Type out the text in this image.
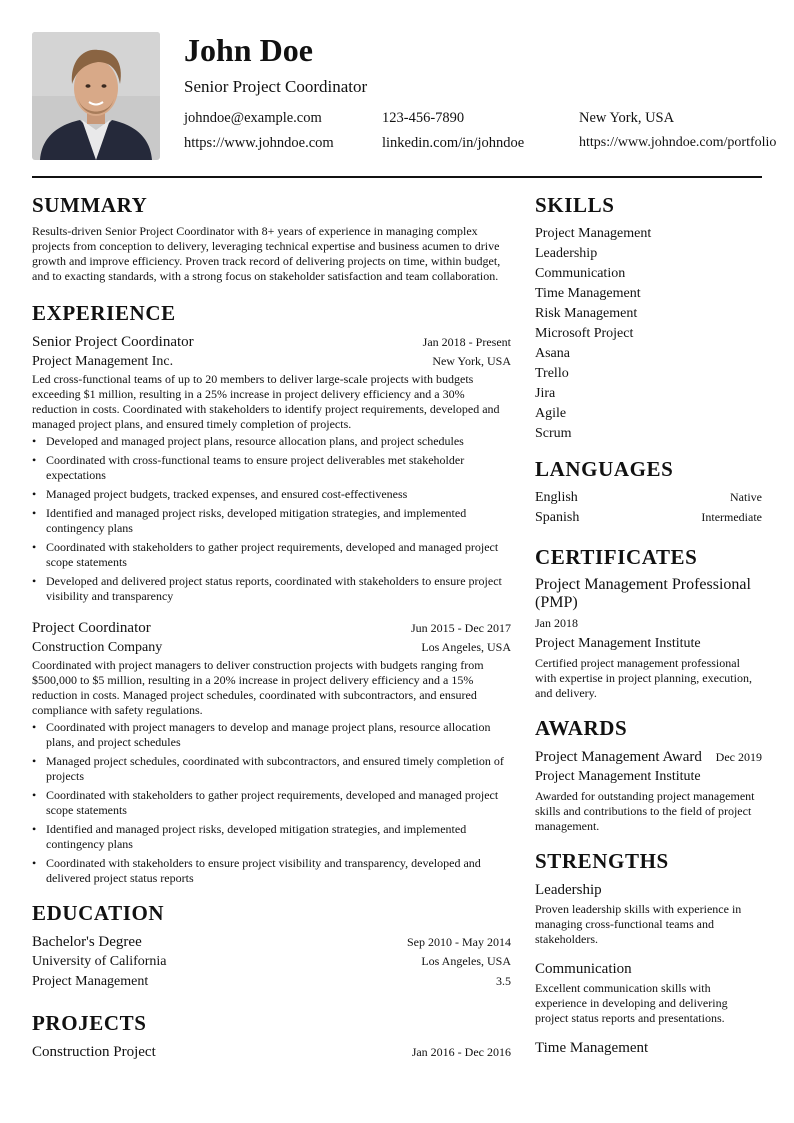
John Doe
Senior Project Coordinator
johndoe@example.com	123-456-7890	New York, USA
https://www.johndoe.com	linkedin.com/in/johndoe	https://www.johndoe.com/portfolio
SUMMARY

Results-driven Senior Project Coordinator with 8+ years of experience in managing complex projects from conception to delivery, leveraging technical expertise and business acumen to drive growth and improve efficiency. Proven track record of delivering projects on time, within budget, and to exacting standards, with a strong focus on stakeholder satisfaction and team collaboration.

EXPERIENCE
Senior Project Coordinator	Jan 2018 - Present
Project Management Inc.	New York, USA

Led cross-functional teams of up to 20 members to deliver large-scale projects with budgets exceeding $1 million, resulting in a 25% increase in project delivery efficiency and a 30% reduction in costs. Coordinated with stakeholders to identify project requirements, developed and managed project plans, and ensured timely completion of projects.

• Developed and managed project plans, resource allocation plans, and project schedules
• Coordinated with cross-functional teams to ensure project deliverables met stakeholder expectations
• Managed project budgets, tracked expenses, and ensured cost-effectiveness
• Identified and managed project risks, developed mitigation strategies, and implemented contingency plans
• Coordinated with stakeholders to gather project requirements, developed and managed project scope statements
• Developed and delivered project status reports, coordinated with stakeholders to ensure project visibility and transparency
Project Coordinator	Jun 2015 - Dec 2017
Construction Company	Los Angeles, USA

Coordinated with project managers to deliver construction projects with budgets ranging from $500,000 to $5 million, resulting in a 20% increase in project delivery efficiency and a 15% reduction in costs. Managed project schedules, coordinated with subcontractors, and ensured compliance with safety regulations.

• Coordinated with project managers to develop and manage project plans, resource allocation plans, and project schedules
• Managed project schedules, coordinated with subcontractors, and ensured timely completion of projects
• Coordinated with stakeholders to gather project requirements, developed and managed project scope statements
• Identified and managed project risks, developed mitigation strategies, and implemented contingency plans
• Coordinated with stakeholders to ensure project visibility and transparency, developed and delivered project status reports
EDUCATION
Bachelor's Degree	Sep 2010 - May 2014
University of California	Los Angeles, USA
Project Management	3.5
PROJECTS
Construction Project	Jan 2016 - Dec 2016
SKILLS
Project Management
Leadership
Communication
Time Management
Risk Management
Microsoft Project
Asana
Trello
Jira
Agile
Scrum
LANGUAGES
English	Native
Spanish	Intermediate
CERTIFICATES
Project Management Professional (PMP)
Jan 2018
Project Management Institute

Certified project management professional with expertise in project planning, execution, and delivery.

AWARDS
Project Management Award Dec 2019
Project Management Institute

Awarded for outstanding project management skills and contributions to the field of project management.

STRENGTHS
Leadership

Proven leadership skills with experience in managing cross-functional teams and stakeholders.

Communication

Excellent communication skills with experience in developing and delivering project status reports and presentations.

Time Management
